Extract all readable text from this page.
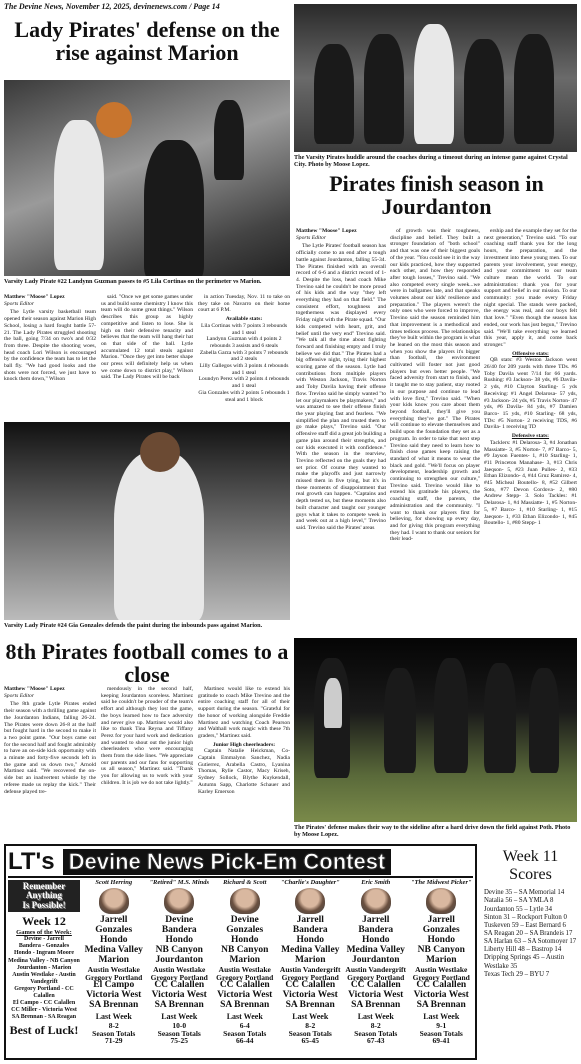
The Devine News, November 12, 2025, devinenews.com / Page 14
Lady Pirates' defense on the rise against Marion
Varsity Lady Pirate #22 Landynn Guzman passes to #5 Lila Cortinas on the perimeter vs Marion.
Matthew "Moose" Lopez
Sports Editor

The Lytle varsity basketball team opened their season against Marion High School, losing a hard fought battle 57-21. The Lady Pirates struggled shooting the ball, going 7/34 on two's and 0/32 from three. Despite the shooting woes, head coach Lori Wilson is encouraged by the confidence the team has to let the ball fly. "We had good looks and the shots were not forced, we just have to knock them down," Wilson

said. "Once we get some games under us and build some chemistry I know this team will do some great things." Wilson describes this group as highly competitive and listen to lose. She is high on their defensive tenacity and believes that the team will hang their hat on that side of the ball. Lytle accumulated 12 total steals against Marion. "Once they get into better shape our press will definitely help us when we come down to district play," Wilson said. The Lady Pirates will be back

in action Tuesday, Nov. 11 to take on they take on Navarro on their home court at 6 P.M.

Available stats:
Lila Cortinas with 7 points 3 rebounds and 1 steal
Landynn Guzman with 4 points 2 rebounds 3 assists and 6 steals
Zabella Garza with 3 points 7 rebounds and 2 steals
Lilly Gallegos with 3 points 4 rebounds and 1 steal
Loundyn Perez with 2 points 4 rebounds and 1 steal
Gia Gonzales with 2 points 5 rebounds 1 steal and 1 block
Varsity Lady Pirate #24 Gia Gonzales defends the paint during the inbounds pass against Marion.
The Varsity Pirates huddle around the coaches during a timeout during an intense game against Crystal City. Photo by Moose Lopez.
Pirates finish season in Jourdanton
Matthew "Moose" Lopez
Sports Editor

The Lytle Pirates' football season has officially come to an end after a tough battle against Jourdanton, falling 55-34. The Pirates finished with an overall record of 6-6 and a district record of 1-4. Despite the loss, head coach Mike Trevino said he couldn't be more proud of his kids and the way "they left everything they had on that field." The consistent effort, toughness and togetherness was displayed every Friday night with the Pirate squad. "Our kids competed with heart, grit, and belief until the very end" Trevino said. "We talk all the time about fighting forward and finishing empty and I truly believe we did that." The Pirates had a big offensive night, tying their highest scoring game of the season. Lytle had contributions from multiple players with Weston Jackson, Travis Norton and Toby Davila having their offense flow. Trevino said he simply wanted "to let our playmakers be playmakers," and was amazed to see their offense finish the year playing fast and fearless. "We simplified the plan and trusted them to go make plays," Trevino said. "Our offensive staff did a great job building a game plan around their strengths, and our kids executed it with confidence." With the season in the rearview, Trevino reflected on the goals they had set prior. Of course they wanted to make the playoffs and just narrowly missed them in five tying, but it's in these moments of disappointment that real growth can happen. "Captains and depth tested us, but these moments also built character and taught our younger guys what it takes to compete week in and week out at a high level," Trevino said. Trevino said the Pirates' areas

of growth was their toughness, discipline and belief. They built a stronger foundation of "both school" and that was one of their biggest goals of the year. "You could see it in the way our kids practiced, how they supported each other, and how they responded after tough losses," Trevino said. "We also competed every single week...we were in ballgames late, and that speaks volumes about our kids' resilience and preparation." The players weren't the only ones who were forced to improve, Trevino said the season reminded him that improvement is a methodical and times tedious process. The relationships they've built within the program is what he leaned on the most this season and when you show the players it's bigger than football, the environment cultivated will foster not just good players but even better people. "We faced adversity from start to finish, and it taught me to stay patient, stay rooted in our purpose and continue to lead with love first," Trevino said. "When your kids know you care about them beyond football, they'll give you everything they've got." The Pirates will continue to elevate themselves and build upon the foundation they set as a program. In order to take that next step Trevino said they need to learn how to finish close games keep raising the standard of what it means to wear the black and gold. "We'll focus on player development, leadership growth and continuing to strengthen our culture," Trevino said. Trevino would like to extend his gratitude his players, the coaching staff, the parents, the administration and the community. "I want to thank our players first for believing, for showing up every day, and for giving this program everything they had. I want to thank our seniors for their lead-

ership and the example they set for the next generation," Trevino said. "To our coaching staff thank you for the long hours, the preparation, and the investment into these young men. To our parents your involvement, your energy, and your commitment to our team culture mean the world. To our administration: thank you for your support and belief in our mission. To our community: you made every Friday night special. The stands were packed, the energy was real, and our boys felt that love." "Even though the season has ended, our work has just begun," Trevino said. "We'll take everything we learned this year, apply it, and come back stronger."

Offensive stats:

QB stats: #3 Weston Jackson went 26/40 for 209 yards with three TDs. #6 Toby Davila went 7/14 for 66 yards. Rushing: #3 Jackson- 38 yds, #6 Davila- 2 yds, #10 Clayton Starling- 5 yds Receiving: #1 Angel Delarosa- 57 yds, #3 Jackson- 24 yds, #5 Travis Norton- 47 yds, #6 Davila- 84 yds, #7 Damien Barco- 15 yds, #10 Starling- 68 yds, TDs: #5 Norton- 2 receiving TDS, #6 Davila- 1 receiving TD

Defensive stats:

Tacklers: #1 Delarosa- 3, #4 Jonathan Massiatte- 3, #5 Norton- 7, #7 Barco- 5, #9 Jayson Fuentes- 1, #10 Starling- 1, #11 Princeton Manahase- 3, #13 Chris Jaeqson- 5, #23 Juan Pulles- 2, #33 Ethan Elizondo- 4, #44 Gruz Ramirez- 4, #45 Micheal Boutello- 8, #52 Gilbert Soto, #77 Devon Cordova- 2, #80 Andrew Stepp- 3. Solo Tackles: #1 Delarosa- 1, #4 Massiatte- 1, #5 Norton-5, #7 Barco- 1, #10 Starling- 1, #15 Jaeqson- 1, #33 Ethan Elizondo- 1, #45 Boutello- 1, #80 Stepp- 1

8th Pirates football comes to a close
Matthew "Moose" Lopez
Sports Editor

The 8th grade Lytle Pirates ended their season with a thrilling game against the Jourdanton Indians, falling 26-24. The Pirates were down 26-8 at the half but fought hard in the second to make it a two point game. "Our boys came out for the second half and fought admirably to have an on-side kick opportunity with a minute and forty-five seconds left in the game and us down two," Arnold Martinez said. "We recovered the on-side but an inadvertent whistle by the referee made us replay the kick." Their defense played tre-

mendously in the second half, keeping Jourdanton scoreless. Martinez said he couldn't be prouder of the team's effort and although they lost the game, the boys learned how to face adversity and never give up. Martinez would also like to thank Tina Reyna and Tiffany Perez for your hard work and dedication and wanted to shout out the junior high cheerleaders who were encouraging them from the side lines. "We appreciate our parents and our fans for supporting us all season," Martinez said. "Thank you for allowing us to work with your children. It is job we do not take lightly."

Martinez would like to extend his gratitude to coach Mike Trevino and the entire coaching staff for all of their support during the season. "Grateful for the honor of working alongside Freddie Martinez and watching Coach Pearson and Walthall work magic with these 7th graders," Martinez said.

Junior High cheerleaders:

Captain Natalie Heickman, Co-Captain Emmalynn Sanchez, Nadia Gutierrez, Arabella Castro, Lyanina Thomas, Rylie Castor, Macy Kriseh, Sydney Sollock, Blythe Kuykendall, Autumn Sapp, Charlotte Schauer and Karley Emerson

The Pirates' defense makes their way to the sideline after a hard drive down the field against Poth. Photo by Moose Lopez.
LT's Devine News Pick-Em Contest
Remember
Anything
Is Possible!
Week 12
Games of the Week:
Devine - Jarrell
Bandera - Gonzales
Hondo - Ingram Moore
Medina Valley - NB Canyon
Jourdanton - Marion
Austin Westlake - Austin Vandegrift
Gregory Portland - CC Calallen
El Campo - CC Calallen
CC Miller - Victoria West
SA Brennan - SA Reagan
Best of Luck!
Scott Herring
Jarrell
Gonzales
Hondo
Medina Valley
Marion
Austin Westlake
Gregory Portland
El Campo
Victoria West
SA Brennan
Last Week
8-2
Season Totals
71-29
"Retired" M.S. Minds
Devine
Bandera
Hondo
NB Canyon
Jourdanton
Austin Westlake
Gregory Portland
CC Calallen
Victoria West
SA Brennan
Last Week
10-0
Season Totals
75-25
Richard & Scott
Devine
Gonzales
Hondo
NB Canyon
Marion
Austin Westlake
Gregory Portland
CC Calallen
Victoria West
SA Brennan
Last Week
6-4
Season Totals
66-44
"Charlie's Daughter"
Jarrell
Bandera
Hondo
Medina Valley
Marion
Austin Vandergrift
Gregory Portland
CC Calallen
Victoria West
SA Brennan
Last Week
8-2
Season Totals
65-45
Eric Smith
Jarrell
Bandera
Hondo
Medina Valley
Jourdanton
Austin Vandergrift
Gregory Portland
CC Calallen
Victoria West
SA Brennan
Last Week
8-2
Season Totals
67-43
"The Midwest Picker"
Jarrell
Gonzales
Hondo
NB Canyon
Marion
Austin Westlake
Gregory Portland
CC Calallen
Victoria West
SA Brennan
Last Week
9-1
Season Totals
69-41
Week 11 Scores
Devine 35 – SA Memorial 14
Natalia 56 – SA YMLA 8
Jourdanton 55 – Lytle 34
Sinton 31 – Rockport Fulton 0
Tuskeven 59 – East Bernard 6
SA Reagan 20 – SA Brandeis 17
SA Harlan 63 – SA Sotomoyer 17
Liberty Hill 48 – Bastrop 14
Dripping Springs 45 – Austin Westlake 35
Texas Tech 29 – BYU 7
